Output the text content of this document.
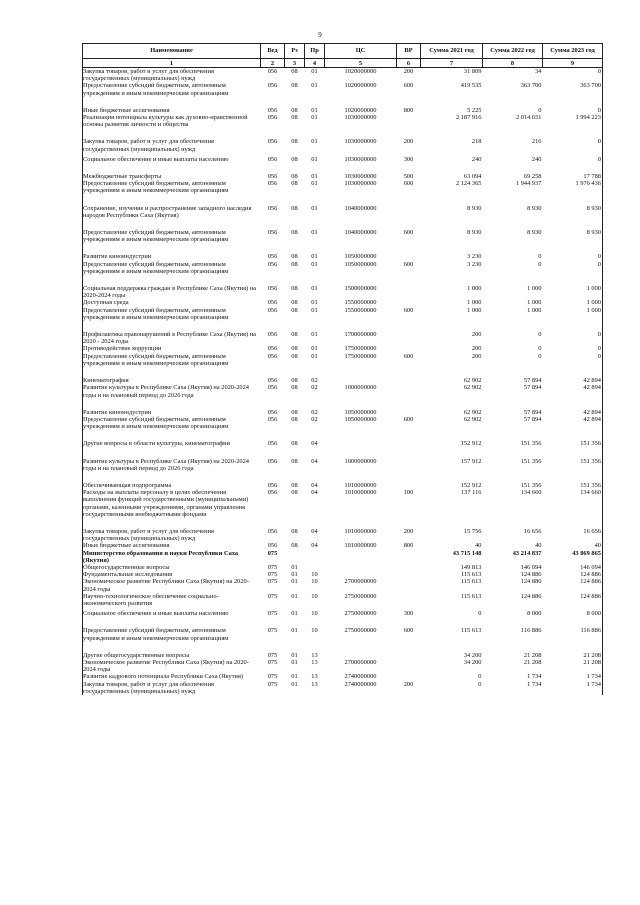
9
Наименование	Вед	Рз	Пр	ЦС	ВР	Сумма 2021 год	Сумма 2022 год	Сумма 2023 год
1	2	3	4	5	6	7	8	9
Закупка товаров, работ и услуг для обеспечения государственных (муниципальных) нужд	056	08	01	1020000000	200	31 809	34	0
Предоставление субсидий бюджетным, автономным учреждениям и иным некоммерческим организациям	056	08	01	1020000000	600	419 535	363 700	363 700
Иные бюджетные ассигнования	056	08	01	1020000000	800	5 225	0	0
Реализация потенциала культуры как духовно-нравственной основы развития личности и общества	056	08	01	1030000000		2 187 916	2 014 651	1 994 223
Закупка товаров, работ и услуг для обеспечения государственных (муниципальных) нужд	056	08	01	1030000000	200	218	216	0
Социальное обеспечение и иные выплаты населению	056	08	01	1030000000	300	240	240	0
Межбюджетные трансферты	056	08	01	1030000000	500	63 094	69 258	17 788
Предоставление субсидий бюджетным, автономным учреждениям и иным некоммерческим организациям	056	08	01	1030000000	600	2 124 365	1 944 937	1 976 436
Сохранение, изучение и распространение западного наследия народов Республики Саха (Якутия)	056	08	01	1040000000		8 930	8 930	8 930
Предоставление субсидий бюджетным, автономным учреждениям и иным некоммерческим организациям	056	08	01	1040000000	600	8 930	8 930	8 930
Развитие кинoиндустрии	056	08	01	1050000000		3 230	0	0
Предоставление субсидий бюджетным, автономным учреждениям и иным некоммерческим организациям	056	08	01	1050000000	600	3 230	0	0
Социальная поддержка граждан в Республике Саха (Якутия) на 2020-2024 годы	056	08	01	1500000000		1 000	1 000	1 000
Доступная среда	056	08	01	1550000000		1 000	1 000	1 000
Предоставление субсидий бюджетным, автономным учреждениям и иным некоммерческим организациям	056	08	01	1550000000	600	1 000	1 000	1 000
Профилактика правонарушений в Республике Саха (Якутия) на 2020 - 2024 годы	056	08	01	1700000000		200	0	0
Противодействие коррупции	056	08	01	1750000000		200	0	0
Предоставление субсидий бюджетным, автономным учреждениям и иным некоммерческим организациям	056	08	01	1750000000	600	200	0	0
Кинематография	056	08	02			62 902	57 894	42 894
Развитие культуры в Республике Саха (Якутия) на 2020-2024 годы и на плановый период до 2026 года	056	08	02	1000000000		62 902	57 894	42 894
Развитие кинoиндустрии	056	08	02	1050000000		62 902	57 894	42 894
Предоставление субсидий бюджетным, автономным учреждениям и иным некоммерческим организациям	056	08	02	1050000000	600	62 902	57 894	42 894
Другие вопросы в области культуры, кинематографии	056	08	04			152 912	151 356	151 356
Развитие культуры в Республике Саха (Якутия) на 2020-2024 годы и на плановый период до 2026 года	056	08	04	1000000000		157 912	151 356	151 356
Обеспечивающая подпрограмма	056	08	04	1010000000		152 912	151 356	151 356
Расходы на выплаты персоналу в целях обеспечения выполнения функций государственными (муниципальными) органами, казенными учреждениями, органами управления государственными внебюджетными фондами	056	08	04	1010000000	100	137 116	134 660	134 660
Закупка товаров, работ и услуг для обеспечения государственных (муниципальных) нужд	056	08	04	1010000000	200	15 756	16 656	16 656
Иные бюджетные ассигнования	056	08	04	1010000000	800	40	40	40
Министерство образования и науки Республики Саха (Якутия)	075					43 715 148	43 214 837	43 869 865
Общегосударственные вопросы	075	01				149 813	146 094	146 094
Фундаментальные исследования	075	01	10			115 613	124 886	124 886
Экономическое развитие Республики Саха (Якутия) на 2020-2024 годы	075	01	10	2700000000		115 613	124 886	124 886
Научно-технологическое обеспечение социально-экономического развития	075	01	10	2750000000		115 613	124 886	124 886
Социальное обеспечение и иные выплаты населению	075	01	10	2750000000	300	0	8 000	8 000
Предоставление субсидий бюджетным, автономным учреждениям и иным некоммерческим организациям	075	01	10	2750000000	600	115 613	116 886	116 886
Другие общегосударственные вопросы	075	01	13			34 200	21 208	21 208
Экономическое развитие Республики Саха (Якутия) на 2020-2024 годы	075	01	13	2700000000		34 200	21 208	21 208
Развитие кадрового потенциала Республики Саха (Якутия)	075	01	13	2740000000		0	1 734	1 734
Закупка товаров, работ и услуг для обеспечения государственных (муниципальных) нужд	075	01	13	2740000000	200	0	1 734	1 734
